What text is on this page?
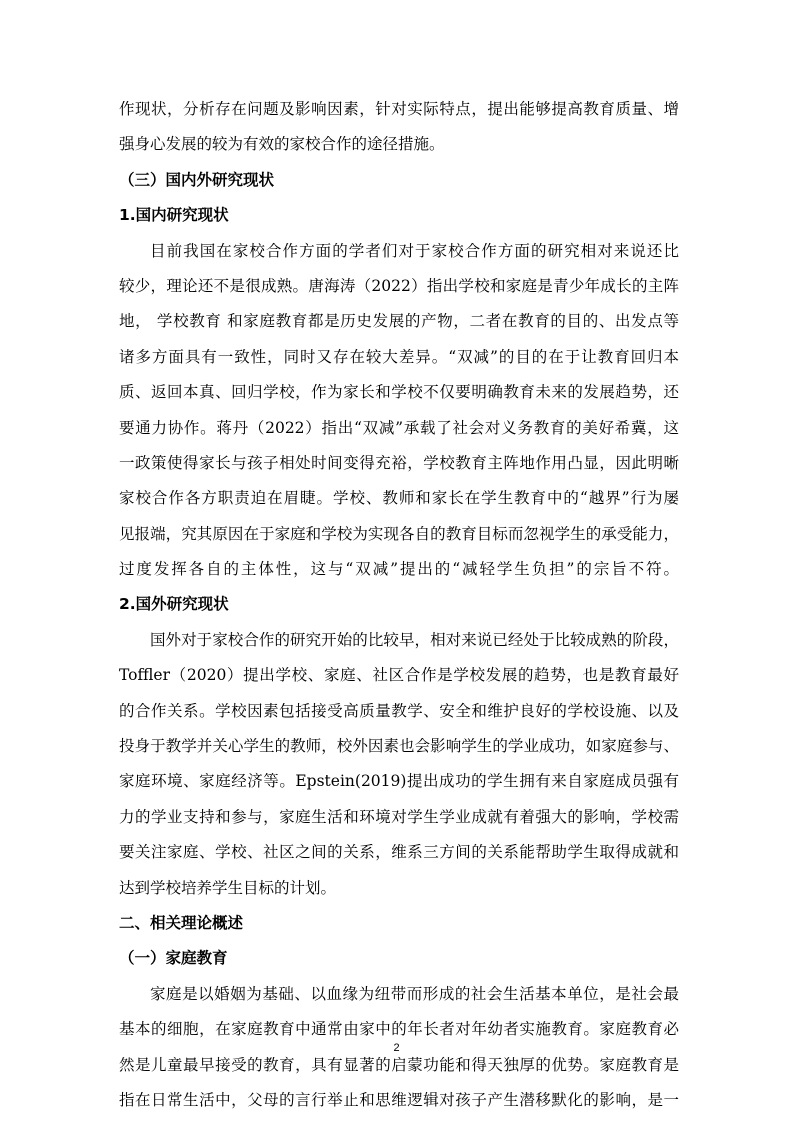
作现状，分析存在问题及影响因素，针对实际特点，提出能够提高教育质量、增
强身心发展的较为有效的家校合作的途径措施。
（三）国内外研究现状
1.国内研究现状
目前我国在家校合作方面的学者们对于家校合作方面的研究相对来说还比
较少，理论还不是很成熟。唐海涛（2022）指出学校和家庭是青少年成长的主阵
地， 学校教育 和家庭教育都是历史发展的产物，二者在教育的目的、出发点等
诸多方面具有一致性，同时又存在较大差异。“双减”的目的在于让教育回归本
质、返回本真、回归学校，作为家长和学校不仅要明确教育未来的发展趋势，还
要通力协作。蒋丹（2022）指出“双减”承载了社会对义务教育的美好希冀，这
一政策使得家长与孩子相处时间变得充裕，学校教育主阵地作用凸显，因此明晰
家校合作各方职责迫在眉睫。学校、教师和家长在学生教育中的“越界”行为屡
见报端，究其原因在于家庭和学校为实现各自的教育目标而忽视学生的承受能力，
过度发挥各自的主体性，这与“双减”提出的“减轻学生负担”的宗旨不符。
2.国外研究现状
国外对于家校合作的研究开始的比较早，相对来说已经处于比较成熟的阶段，
Toffler（2020）提出学校、家庭、社区合作是学校发展的趋势，也是教育最好
的合作关系。学校因素包括接受高质量教学、安全和维护良好的学校设施、以及
投身于教学并关心学生的教师，校外因素也会影响学生的学业成功，如家庭参与、
家庭环境、家庭经济等。Epstein(2019)提出成功的学生拥有来自家庭成员强有
力的学业支持和参与，家庭生活和环境对学生学业成就有着强大的影响，学校需
要关注家庭、学校、社区之间的关系，维系三方间的关系能帮助学生取得成就和
达到学校培养学生目标的计划。
二、相关理论概述
（一）家庭教育
家庭是以婚姻为基础、以血缘为纽带而形成的社会生活基本单位，是社会最
基本的细胞，在家庭教育中通常由家中的年长者对年幼者实施教育。家庭教育必
然是儿童最早接受的教育，具有显著的启蒙功能和得天独厚的优势。家庭教育是
指在日常生活中，父母的言行举止和思维逻辑对孩子产生潜移默化的影响，是一
2
